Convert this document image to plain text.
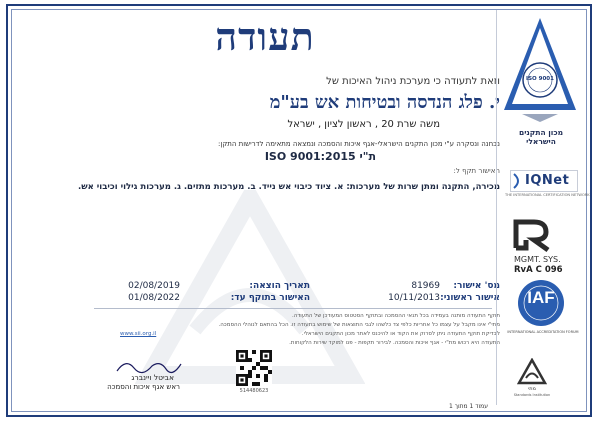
תעודה
וזאת לתעודה כי מערכת ניהול האיכות של
י. פלג הנדסה ובטיחות אש בע"מ
משה שרת 20 , ראשון לציון , ישראל
נבחנה ונסקרה ע"י מכון התקנים הישראלי-אגף איכות והסמכה ונמצאה מתאימה לדרישות התקן:
ת"י ISO 9001:2015
האישור תקף ל:
מכירה, התקנה ומתן שרות של מערכות: א. ציוד כיבוי אש נייד. ב. מערכות מתזים. ג. מערכות גילוי וכיבוי אש.
מס' אישור:
81969
תאריך הוצאה:
02/08/2019
אישור ראשוני:
10/11/2013
האישור בתוקף עד:
01/08/2022
תוקף התעודה מותנה בעמידה בכל תנאי ההסמכה ובתוקף הסטטוס המעודכן של התעודה.
מתי"י אינו מקבל על עצמו כל אחריות כלפי צד כלשהו לגבי התוצאות של שימוש בתעודה זו. הכל בהתאם לנוהלי ההסמכה.
לבדיקת תוקף התעודה ניתן לסרוק את הקוד או להיכנס לאתר מכון התקנים הישראלי.
התעודה היא רכוש מת"י - אגף איכות והסמכה. לבירור תקפות - פנו למוקד שירות הלקוחות.
www.sii.org.il
514480623
אביטל ויינברג
ראש אגף איכות והסמכה
עמוד 1 מתוך 1
ISO 9001
מכון התקנים הישראלי
IQNet
THE INTERNATIONAL CERTIFICATION NETWORK
MGMT. SYS.
RvA C 096
IAF
INTERNATIONAL ACCREDITATION FORUM
מתי
Standards Institution
